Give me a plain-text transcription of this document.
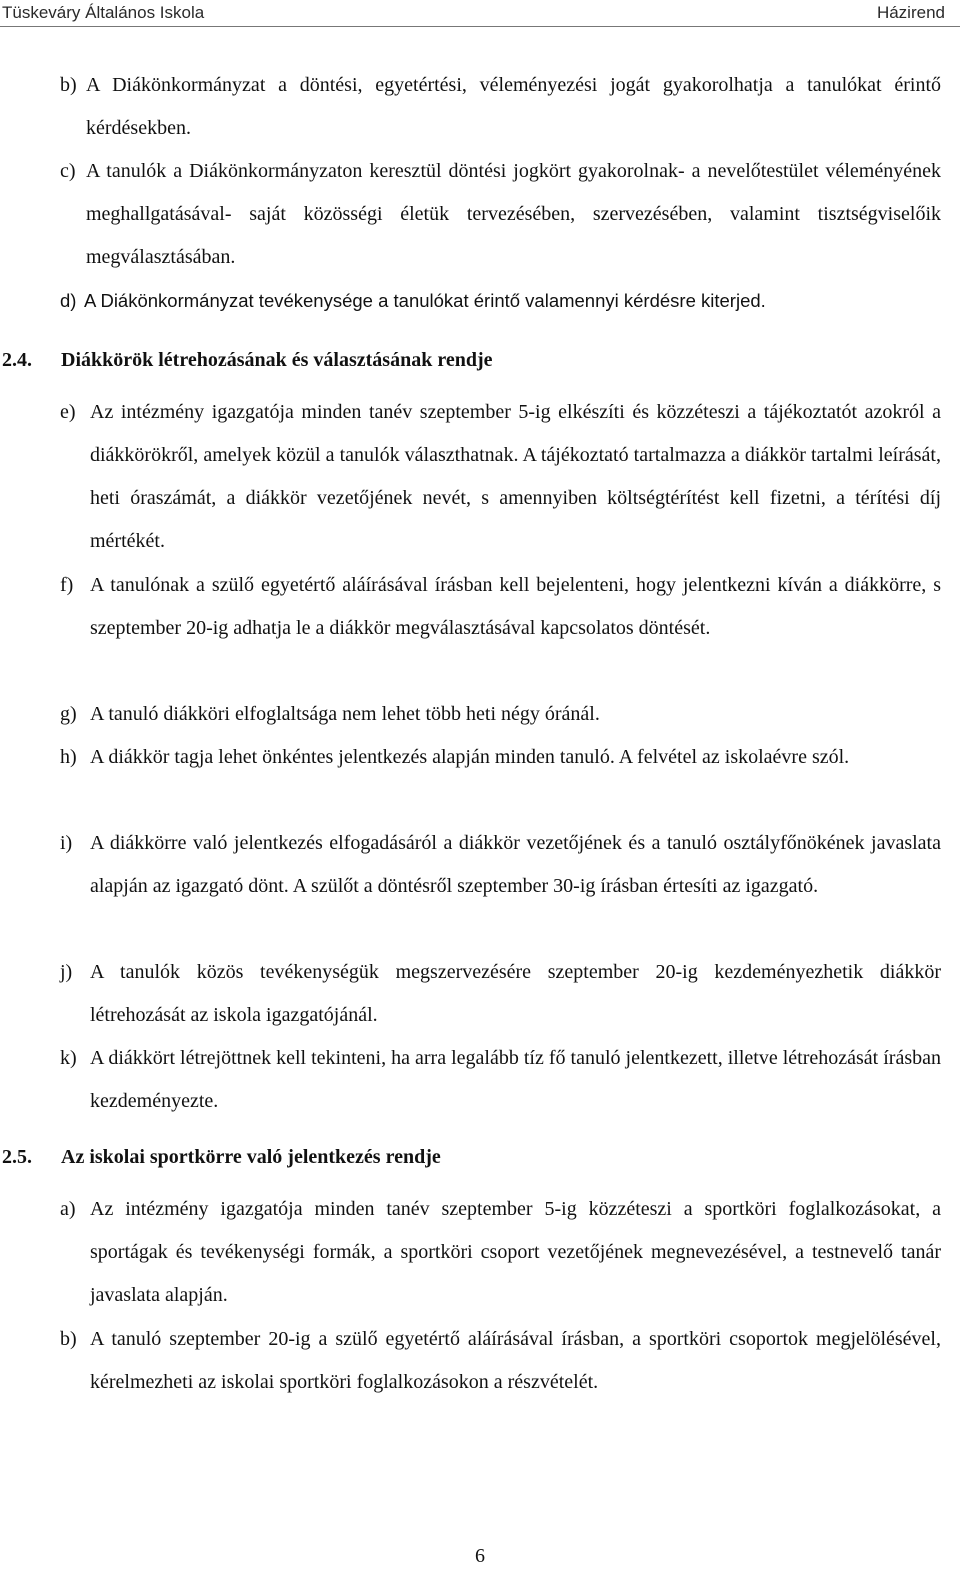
Tüskeváry Általános Iskola	Házirend
b) A Diákönkormányzat a döntési, egyetértési, véleményezési jogát gyakorolhatja a tanulókat érintő kérdésekben.
c) A tanulók a Diákönkormányzaton keresztül döntési jogkört gyakorolnak- a nevelőtestület véleményének meghallgatásával- saját közösségi életük tervezésében, szervezésében, valamint tisztségviselőik megválasztásában.
d) A Diákönkormányzat tevékenysége a tanulókat érintő valamennyi kérdésre kiterjed.
2.4. Diákkörök létrehozásának és választásának rendje
e) Az intézmény igazgatója minden tanév szeptember 5-ig elkészíti és közzéteszi a tájékoztatót azokról a diákkörökről, amelyek közül a tanulók választhatnak. A tájékoztató tartalmazza a diákkör tartalmi leírását, heti óraszámát, a diákkör vezetőjének nevét, s amennyiben költségtérítést kell fizetni, a térítési díj mértékét.
f) A tanulónak a szülő egyetértő aláírásával írásban kell bejelenteni, hogy jelentkezni kíván a diákkörre, s szeptember 20-ig adhatja le a diákkör megválasztásával kapcsolatos döntését.
g) A tanuló diákköri elfoglaltsága nem lehet több heti négy óránál.
h) A diákkör tagja lehet önkéntes jelentkezés alapján minden tanuló. A felvétel az iskolaévre szól.
i) A diákkörre való jelentkezés elfogadásáról a diákkör vezetőjének és a tanuló osztályfőnökének javaslata alapján az igazgató dönt. A szülőt a döntésről szeptember 30-ig írásban értesíti az igazgató.
j) A tanulók közös tevékenységük megszervezésére szeptember 20-ig kezdeményezhetik diákkör létrehozását az iskola igazgatójánál.
k) A diákkört létrejöttnek kell tekinteni, ha arra legalább tíz fő tanuló jelentkezett, illetve létrehozását írásban kezdeményezte.
2.5. Az iskolai sportkörre való jelentkezés rendje
a) Az intézmény igazgatója minden tanév szeptember 5-ig közzéteszi a sportköri foglalkozásokat, a sportágak és tevékenységi formák, a sportköri csoport vezetőjének megnevezésével, a testnevelő tanár javaslata alapján.
b) A tanuló szeptember 20-ig a szülő egyetértő aláírásával írásban, a sportköri csoportok megjelölésével, kérelmezheti az iskolai sportköri foglalkozásokon a részvételét.
6
